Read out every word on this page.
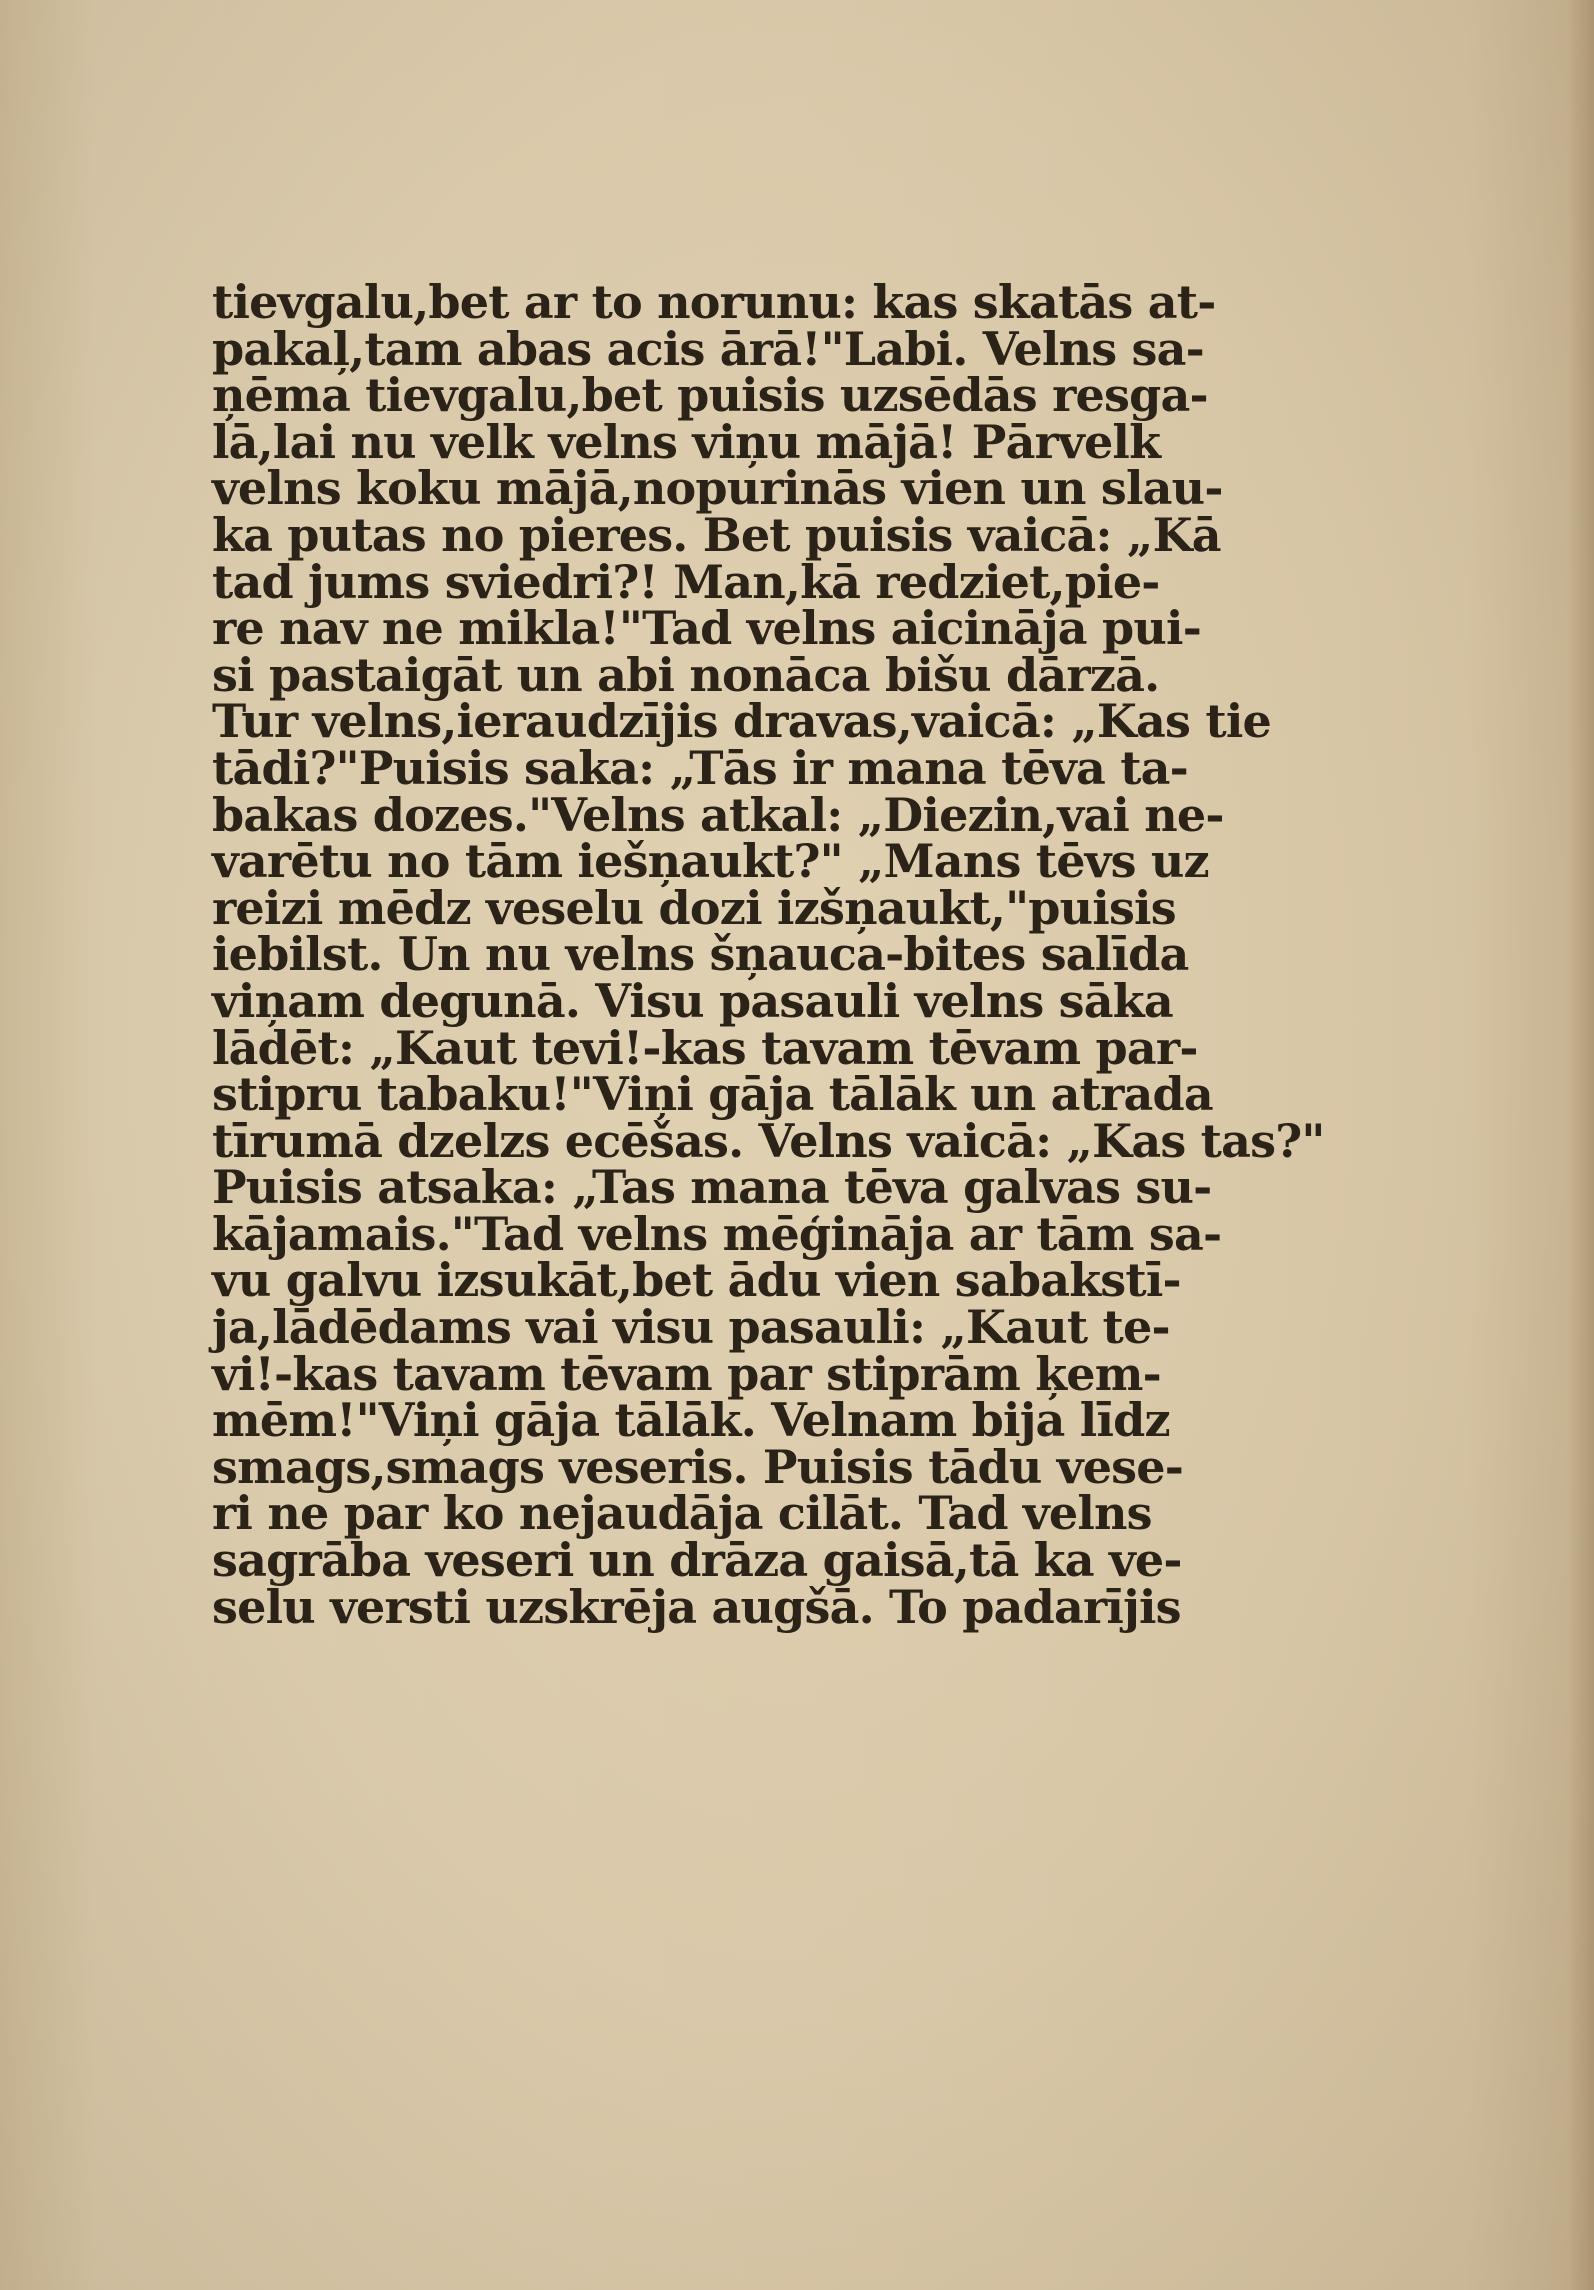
tievgalu,bet ar to norunu: kas skatās at-
pakaļ,tam abas acis ārā!"Labi. Velns sa-
ņēma tievgalu,bet puisis uzsēdās resga-
lā,lai nu velk velns viņu mājā! Pārvelk
velns koku mājā,nopurinās vien un slau-
ka putas no pieres. Bet puisis vaicā: „Kā
tad jums sviedri?! Man,kā redziet,pie-
re nav ne mikla!"Tad velns aicināja pui-
si pastaigāt un abi nonāca bišu dārzā.
Tur velns,ieraudzījis dravas,vaicā: „Kas tie
tādi?"Puisis saka: „Tās ir mana tēva ta-
bakas dozes."Velns atkal: „Diezin,vai ne-
varētu no tām iešņaukt?" „Mans tēvs uz
reizi mēdz veselu dozi izšņaukt,"puisis
iebilst. Un nu velns šņauca-bites salīda
viņam degunā. Visu pasauli velns sāka
lādēt: „Kaut tevi!-kas tavam tēvam par-
stipru tabaku!"Viņi gāja tālāk un atrada
tīrumā dzelzs ecēšas. Velns vaicā: „Kas tas?"
Puisis atsaka: „Tas mana tēva galvas su-
kājamais."Tad velns mēģināja ar tām sa-
vu galvu izsukāt,bet ādu vien sabakstī-
ja,lādēdams vai visu pasauli: „Kaut te-
vi!-kas tavam tēvam par stiprām ķem-
mēm!"Viņi gāja tālāk. Velnam bija līdz
smags,smags veseris. Puisis tādu vese-
ri ne par ko nejaudāja cilāt. Tad velns
sagrāba veseri un drāza gaisā,tā ka ve-
selu versti uzskrēja augšā. To padarījis
